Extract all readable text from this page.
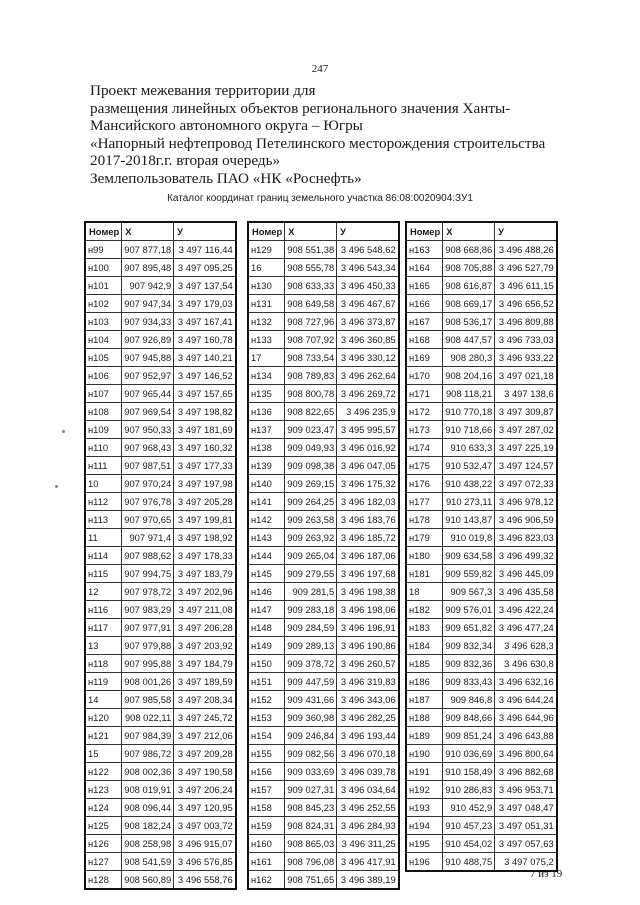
247
Проект межевания территории для
размещения линейных объектов регионального значения Ханты-
Мансийского автономного округа – Югры
«Напорный нефтепровод Петелинского месторождения строительства
2017-2018г.г. вторая очередь»
Землепользователь ПАО «НК «Роснефть»
Каталог координат границ земельного участка 86:08:0020904:ЗУ1
Номер	X	У
н99	907 877,18	3 497 116,44
н100	907 895,48	3 497 095,25
н101	907 942,9	3 497 137,54
н102	907 947,34	3 497 179,03
н103	907 934,33	3 497 167,41
н104	907 926,89	3 497 160,78
н105	907 945,88	3 497 140,21
н106	907 952,97	3 497 146,52
н107	907 965,44	3 497 157,65
н108	907 969,54	3 497 198,82
н109	907 950,33	3 497 181,69
н110	907 968,43	3 497 160,32
н111	907 987,51	3 497 177,33
10	907 970,24	3 497 197,98
н112	907 976,78	3 497 205,28
н113	907 970,65	3 497 199,81
11	907 971,4	3 497 198,92
н114	907 988,62	3 497 178,33
н115	907 994,75	3 497 183,79
12	907 978,72	3 497 202,96
н116	907 983,29	3 497 211,08
н117	907 977,91	3 497 206,28
13	907 979,88	3 497 203,92
н118	907 995,88	3 497 184,79
н119	908 001,26	3 497 189,59
14	907 985,58	3 497 208,34
н120	908 022,11	3 497 245,72
н121	907 984,39	3 497 212,06
15	907 986,72	3 497 209,28
н122	908 002,36	3 497 190,58
н123	908 019,91	3 497 206,24
н124	908 096,44	3 497 120,95
н125	908 182,24	3 497 003,72
н126	908 258,98	3 496 915,07
н127	908 541,59	3 496 576,85
н128	908 560,89	3 496 558,76
Номер	X	У
н129	908 551,38	3 496 548,62
16	908 555,78	3 496 543,34
н130	908 633,33	3 496 450,33
н131	908 649,58	3 496 467,67
н132	908 727,96	3 496 373,87
н133	908 707,92	3 496 360,85
17	908 733,54	3 496 330,12
н134	908 789,83	3 496 262,64
н135	908 800,78	3 496 269,72
н136	908 822,65	3 496 235,9
н137	909 023,47	3 495 995,57
н138	909 049,93	3 496 016,92
н139	909 098,38	3 496 047,05
н140	909 269,15	3 496 175,32
н141	909 264,25	3 496 182,03
н142	909 263,58	3 496 183,76
н143	909 263,92	3 496 185,72
н144	909 265,04	3 496 187,06
н145	909 279,55	3 496 197,68
н146	909 281,5	3 496 198,38
н147	909 283,18	3 496 198,06
н148	909 284,59	3 496 196,91
н149	909 289,13	3 496 190,86
н150	909 378,72	3 496 260,57
н151	909 447,59	3 496 319,83
н152	909 431,66	3 496 343,06
н153	909 360,98	3 496 282,25
н154	909 246,84	3 496 193,44
н155	909 082,56	3 496 070,18
н156	909 033,69	3 496 039,78
н157	909 027,31	3 496 034,64
н158	908 845,23	3 496 252,55
н159	908 824,31	3 496 284,93
н160	908 865,03	3 496 311,25
н161	908 796,08	3 496 417,91
н162	908 751,65	3 496 389,19
Номер	X	У
н163	908 668,86	3 496 488,26
н164	908 705,88	3 496 527,79
н165	908 616,87	3 496 611,15
н166	908 669,17	3 496 656,52
н167	908 536,17	3 496 809,88
н168	908 447,57	3 496 733,03
н169	908 280,3	3 496 933,22
н170	908 204,16	3 497 021,18
н171	908 118,21	3 497 138,6
н172	910 770,18	3 497 309,87
н173	910 718,66	3 497 287,02
н174	910 633,3	3 497 225,19
н175	910 532,47	3 497 124,57
н176	910 438,22	3 497 072,33
н177	910 273,11	3 496 978,12
н178	910 143,87	3 496 906,59
н179	910 019,8	3 496 823,03
н180	909 634,58	3 496 499,32
н181	909 559,82	3 496 445,09
18	909 567,3	3 496 435,58
н182	909 576,01	3 496 422,24
н183	909 651,82	3 496 477,24
н184	909 832,34	3 496 628,3
н185	909 832,36	3 496 630,8
н186	909 833,43	3 496 632,16
н187	909 846,8	3 496 644,24
н188	909 848,66	3 496 644,96
н189	909 851,24	3 496 643,88
н190	910 036,69	3 496 800,64
н191	910 158,49	3 496 882,68
н192	910 286,83	3 496 953,71
н193	910 452,9	3 497 048,47
н194	910 457,23	3 497 051,31
н195	910 454,02	3 497 057,63
н196	910 488,75	3 497 075,2
7 из 19
